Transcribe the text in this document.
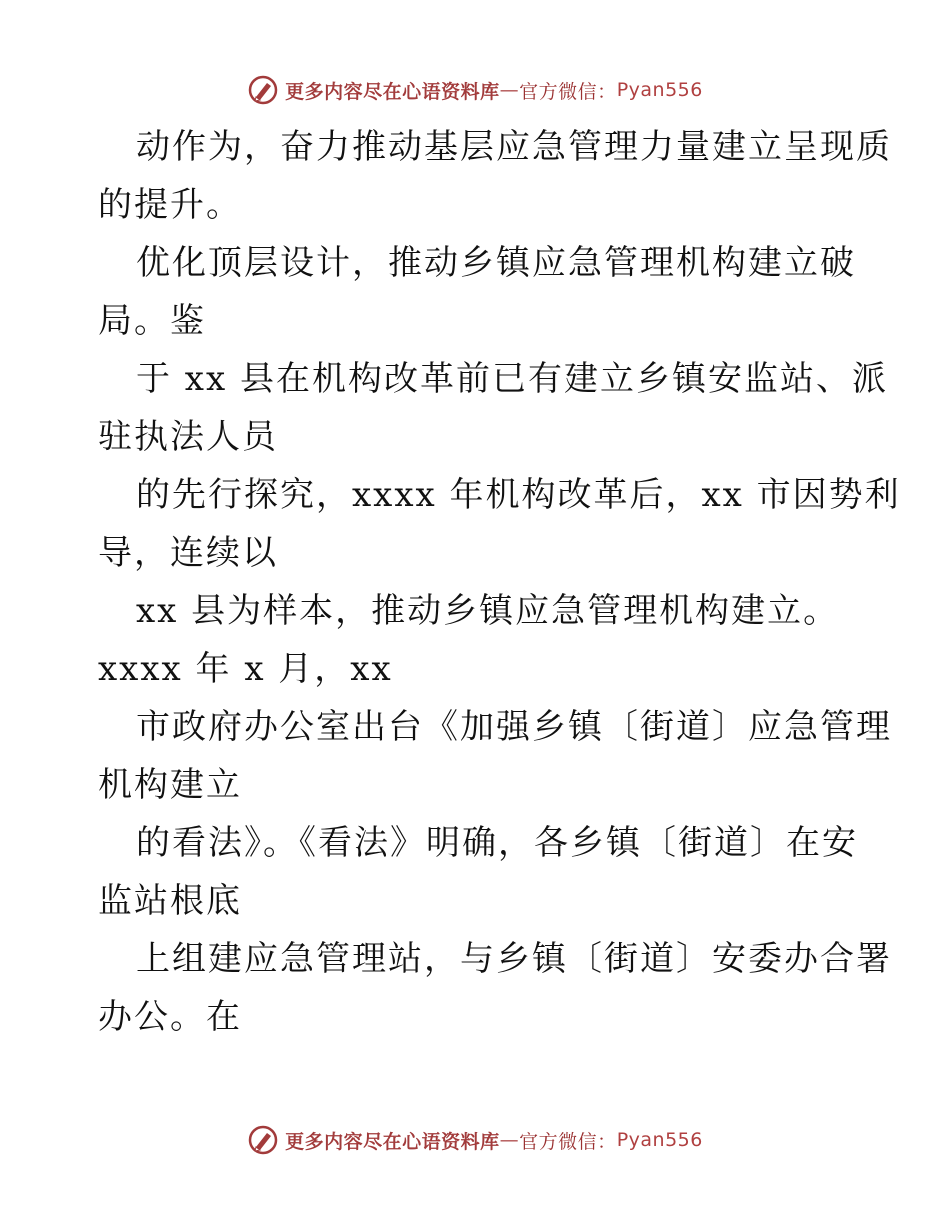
更多内容尽在心语资料库 — 官方微信： Pyan556
动作为，奋力推动基层应急管理力量建立呈现质
的提升。
优化顶层设计，推动乡镇应急管理机构建立破
局。鉴
于 xx 县在机构改革前已有建立乡镇安监站、派
驻执法人员
的先行探究，xxxx 年机构改革后，xx 市因势利
导，连续以
xx 县为样本，推动乡镇应急管理机构建立。
xxxx 年 x 月，xx
市政府办公室出台《加强乡镇〔街道〕应急管理
机构建立
的看法》。《看法》明确，各乡镇〔街道〕在安
监站根底
上组建应急管理站，与乡镇〔街道〕安委办合署
办公。在
更多内容尽在心语资料库 — 官方微信： Pyan556
